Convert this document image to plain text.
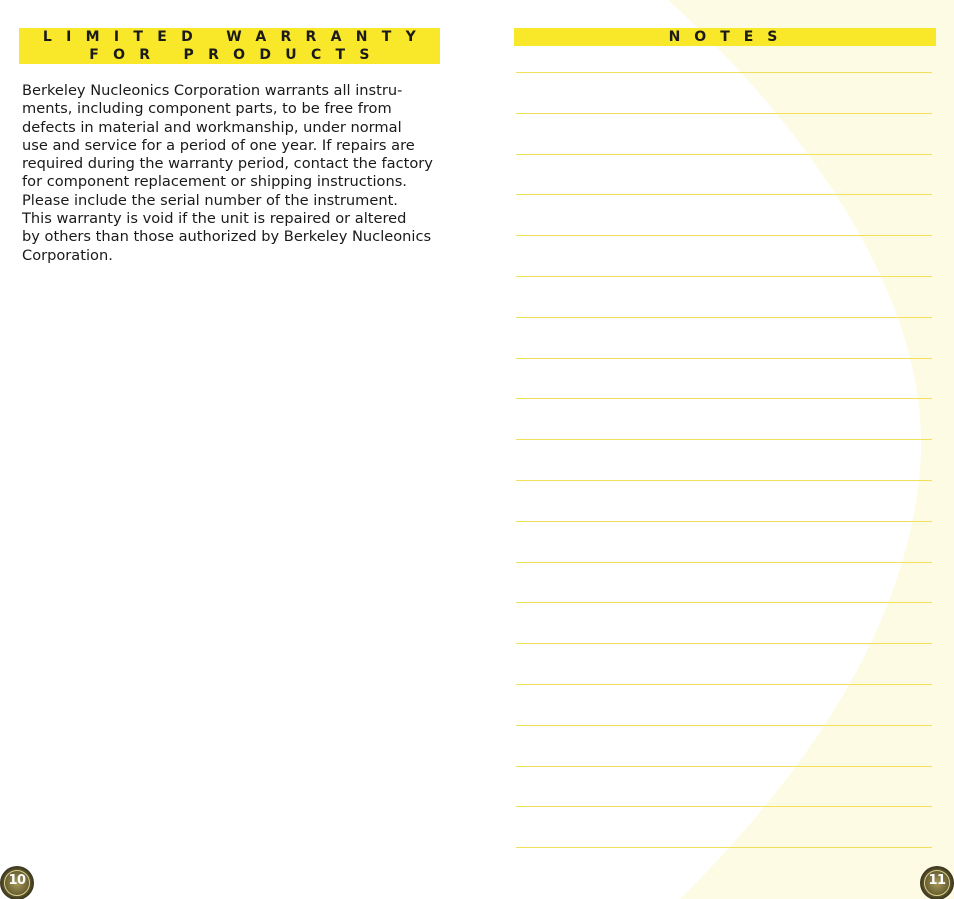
LIMITED WARRANTY
FOR PRODUCTS
Berkeley Nucleonics Corporation warrants all instru-
ments, including component parts, to be free from
defects in material and workmanship, under normal
use and service for a period of one year. If repairs are
required during the warranty period, contact the factory
for component replacement or shipping instructions.
Please include the serial number of the instrument.
This warranty is void if the unit is repaired or altered
by others than those authorized by Berkeley Nucleonics
Corporation.
NOTES
10	11
